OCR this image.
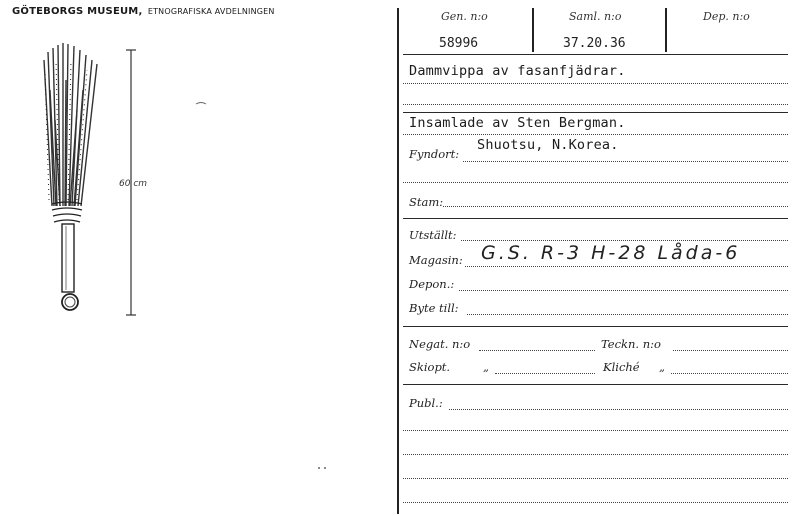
GÖTEBORGS MUSEUM, ETNOGRAFISKA AVDELNINGEN
60 cm
Gen. n:o	Saml. n:o	Dep. n:o
58996	37.20.36
Dammvippa av fasanfjädrar.
Insamlade av Sten Bergman.
Fyndort:
Shuotsu, N.Korea.
Stam:
Utställt:
Magasin: G.S. R-3 H-28 Låda-6
Depon.:
Byte till:
Negat. n:o	Teckn. n:o
Skiopt.	„	Kliché „
Publ.:
